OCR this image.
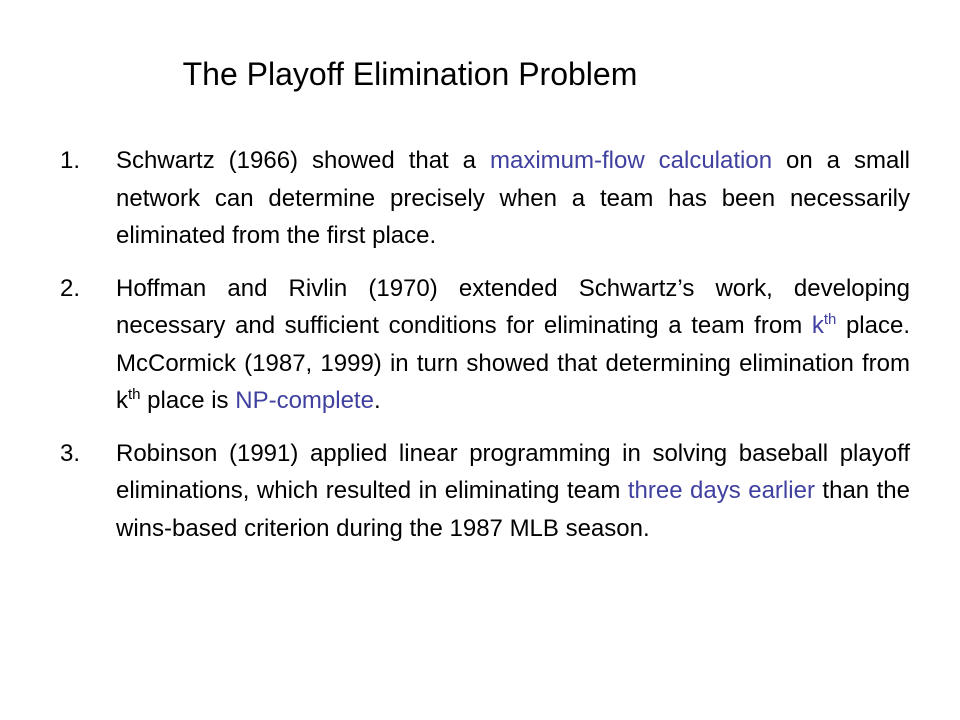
The Playoff Elimination Problem
1. Schwartz (1966) showed that a maximum-flow calculation on a small network can determine precisely when a team has been necessarily eliminated from the first place.
2. Hoffman and Rivlin (1970) extended Schwartz’s work, developing necessary and sufficient conditions for eliminating a team from $k^{th}$ place. McCormick (1987, 1999) in turn showed that determining elimination from $k^{th}$ place is NP-complete.
3. Robinson (1991) applied linear programming in solving baseball playoff eliminations, which resulted in eliminating team three days earlier than the wins-based criterion during the 1987 MLB season.
